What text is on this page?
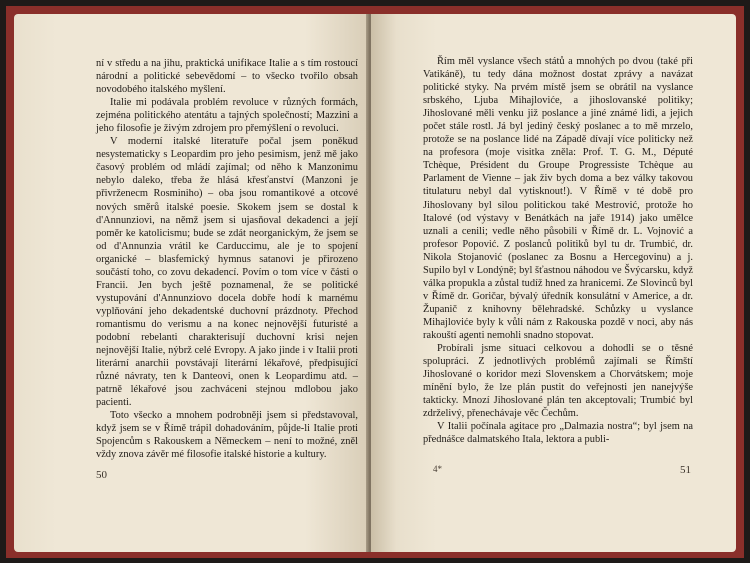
ní v středu a na jihu, praktická unifikace Italie a s tím rostoucí národní a politické sebevědomí – to všecko tvořilo obsah novodobého italského myšlení.

Italie mi podávala problém revoluce v různých formách, zejména politického atentátu a tajných společností; Mazzini a jeho filosofie je živým zdrojem pro přemýšlení o revoluci.

V moderní italské literatuře počal jsem poněkud nesystematicky s Leopardim pro jeho pesimism, jenž mě jako časový problém od mládí zajímal; od něho k Manzonimu nebylo daleko, třeba že hlásá křesťanství (Manzoni je přivrženecm Rosminiho) – oba jsou romantikové a otcové nových směrů italské poesie. Skokem jsem se dostal k d'Annunziovi, na němž jsem si ujasňoval dekadenci a její poměr ke katolicismu; bude se zdát neorganickým, že jsem se od d'Annunzia vrátil ke Carduccimu, ale je to spojení organické – blasfemický hymnus satanovi je přirozeno součástí toho, co zovu dekadencí. Povím o tom více v části o Francii. Jen bych ještě poznamenal, že se politické vystupování d'Annunziovo docela dobře hodí k marnému vyplňování jeho dekadentské duchovní prázdnoty. Přechod romantismu do verismu a na konec nejnovější futuristé a podobní rebelanti charakterisují duchovní krisi nejen nejnovější Italie, nýbrž celé Evropy. A jako jinde i v Italii proti literární anarchii povstávají literární lékařové, předpisující různé návraty, ten k Danteovi, onen k Leopardimu atd. – patrně lékařové jsou zachváceni stejnou mdlobou jako pacienti.

Toto všecko a mnohem podrobněji jsem si představoval, když jsem se v Římě trápil dohadováním, půjde-li Italie proti Spojencům s Rakouskem a Německem – není to možné, zněl vždy znova závěr mé filosofie italské historie a kultury.

50

Řím měl vyslance všech států a mnohých po dvou (také při Vatikáně), tu tedy dána možnost dostat zprávy a navázat politické styky. Na prvém místě jsem se obrátil na vyslance srbského, Ljuba Mihajloviće, a jihoslovanské politiky; Jihoslované měli venku již poslance a jiné známé lidi, a jejich počet stále rostl. Já byl jediný český poslanec a to mě mrzelo, protože se na poslance lidé na Západě dívají více politicky než na profesora (moje visitka zněla: Prof. T. G. M., Député Tchèque, Président du Groupe Progressiste Tchèque au Parlament de Vienne – jak živ bych doma a bez války takovou titulaturu nebyl dal vytisknout!). V Římě v té době pro Jihoslovany byl silou politickou také Mestrović, protože ho Italové (od výstavy v Benátkách na jaře 1914) jako umělce uznali a cenili; vedle něho působili v Římě dr. L. Vojnović a profesor Popović. Z poslanců politiků byl tu dr. Trumbić, dr. Nikola Stojanović (poslanec za Bosnu a Hercegovinu) a j. Supilo byl v Londýně; byl šťastnou náhodou ve Švýcarsku, když válka propukla a zůstal tudíž hned za hranicemi. Ze Slovinců byl v Římě dr. Goričar, bývalý úředník konsulátní v Americe, a dr. Županič z knihovny bělehradské. Schůzky u vyslance Mihajloviće byly k vůli nám z Rakouska pozdě v noci, aby nás rakouští agenti nemohli snadno stopovat.

Probírali jsme situaci celkovou a dohodli se o těsné spolupráci. Z jednotlivých problémů zajímali se Římští Jihoslované o koridor mezi Slovenskem a Chorvátskem; moje mínění bylo, že lze plán pustit do veřejnosti jen nanejvýše takticky. Mnozí Jihoslované plán ten akceptovali; Trumbić byl zdrželivý, přenechávaje věc Čechům.

V Italii počínala agitace pro „Dalmazia nostra“; byl jsem na přednášce dalmatského Itala, lektora a publi-

4*	51
